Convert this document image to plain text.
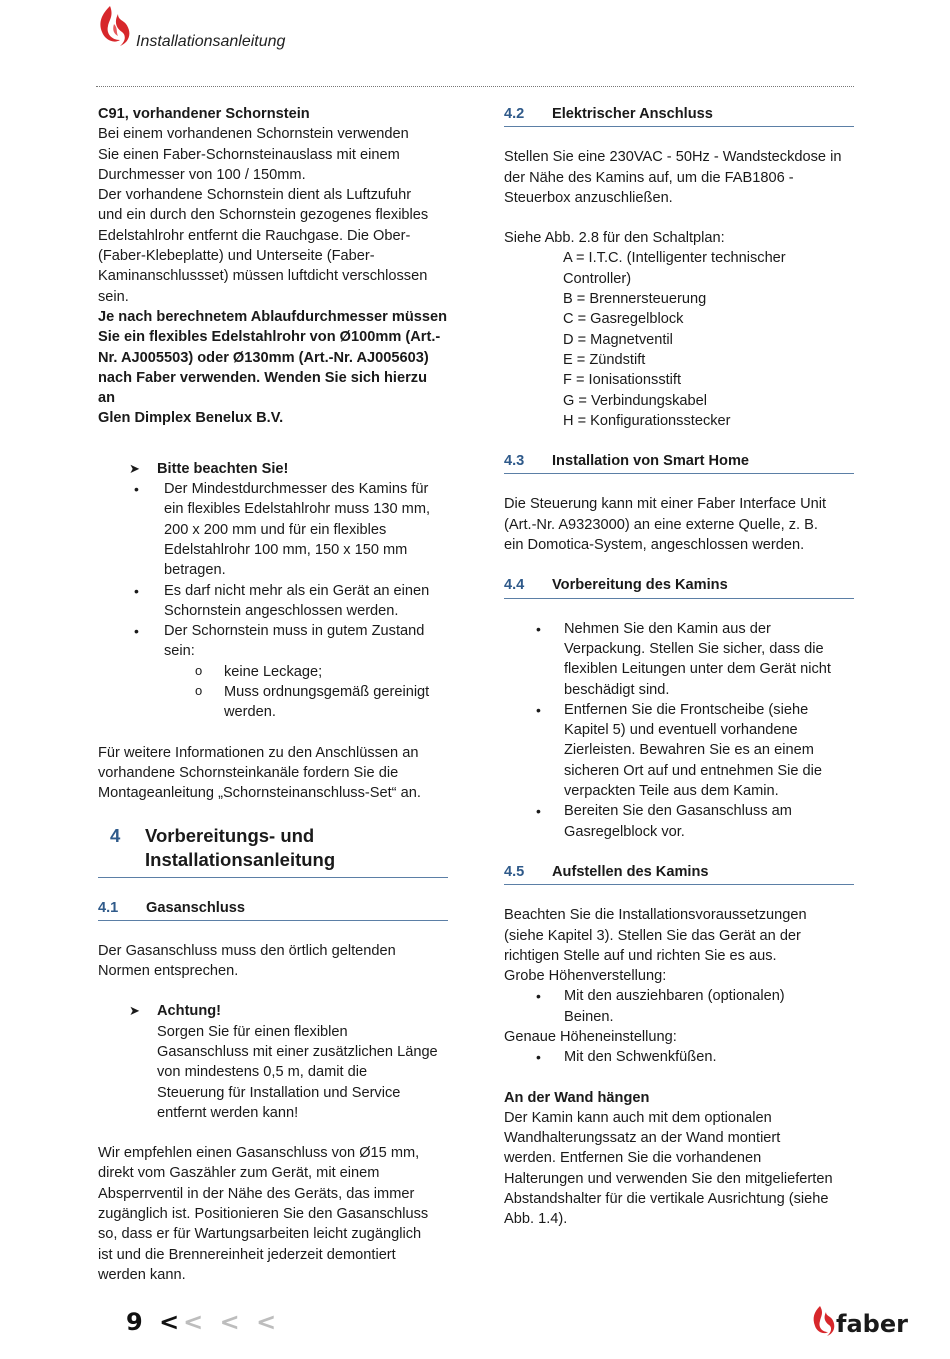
Installationsanleitung

C91, vorhandener Schornstein

Bei einem vorhandenen Schornstein verwenden

Sie einen Faber-Schornsteinauslass mit einem

Durchmesser von 100 / 150mm.

Der vorhandene Schornstein dient als Luftzufuhr

und ein durch den Schornstein gezogenes flexibles

Edelstahlrohr entfernt die Rauchgase. Die Ober-

(Faber-Klebeplatte) und Unterseite (Faber-

Kaminanschlussset) müssen luftdicht verschlossen

sein.

Je nach berechnetem Ablaufdurchmesser müssen

Sie ein flexibles Edelstahlrohr von Ø100mm (Art.-

Nr. AJ005503) oder Ø130mm (Art.-Nr. AJ005603)

nach Faber verwenden. Wenden Sie sich hierzu an

Glen Dimplex Benelux B.V.

➤ Bitte beachten Sie!

• Der Mindestdurchmesser des Kamins für

ein flexibles Edelstahlrohr muss 130 mm,

200 x 200 mm und für ein flexibles

Edelstahlrohr 100 mm, 150 x 150 mm

betragen.

• Es darf nicht mehr als ein Gerät an einen

Schornstein angeschlossen werden.

• Der Schornstein muss in gutem Zustand

sein:

o keine Leckage;

o Muss ordnungsgemäß gereinigt

werden.

Für weitere Informationen zu den Anschlüssen an

vorhandene Schornsteinkanäle fordern Sie die

Montageanleitung „Schornsteinanschluss-Set“ an.

4 Vorbereitungs- und
Installationsanleitung
4.1 Gasanschluss

Der Gasanschluss muss den örtlich geltenden

Normen entsprechen.

➤ Achtung!

Sorgen Sie für einen flexiblen

Gasanschluss mit einer zusätzlichen Länge

von mindestens 0,5 m, damit die

Steuerung für Installation und Service

entfernt werden kann!

Wir empfehlen einen Gasanschluss von Ø15 mm,

direkt vom Gaszähler zum Gerät, mit einem

Absperrventil in der Nähe des Geräts, das immer

zugänglich ist. Positionieren Sie den Gasanschluss

so, dass er für Wartungsarbeiten leicht zugänglich

ist und die Brennereinheit jederzeit demontiert

werden kann.

4.2 Elektrischer Anschluss

Stellen Sie eine 230VAC - 50Hz - Wandsteckdose in

der Nähe des Kamins auf, um die FAB1806 -

Steuerbox anzuschließen.

Siehe Abb. 2.8 für den Schaltplan:

A = I.T.C. (Intelligenter technischer

Controller)

B = Brennersteuerung

C = Gasregelblock

D = Magnetventil

E = Zündstift

F = Ionisationsstift

G = Verbindungskabel

H = Konfigurationsstecker

4.3 Installation von Smart Home

Die Steuerung kann mit einer Faber Interface Unit

(Art.-Nr. A9323000) an eine externe Quelle, z. B.

ein Domotica-System, angeschlossen werden.

4.4 Vorbereitung des Kamins

• Nehmen Sie den Kamin aus der

Verpackung. Stellen Sie sicher, dass die

flexiblen Leitungen unter dem Gerät nicht

beschädigt sind.

• Entfernen Sie die Frontscheibe (siehe

Kapitel 5) und eventuell vorhandene

Zierleisten. Bewahren Sie es an einem

sicheren Ort auf und entnehmen Sie die

verpackten Teile aus dem Kamin.

• Bereiten Sie den Gasanschluss am

Gasregelblock vor.

4.5 Aufstellen des Kamins

Beachten Sie die Installationsvoraussetzungen

(siehe Kapitel 3). Stellen Sie das Gerät an der

richtigen Stelle auf und richten Sie es aus.

Grobe Höhenverstellung:

• Mit den ausziehbaren (optionalen)

Beinen.

Genaue Höheneinstellung:

• Mit den Schwenkfüßen.

An der Wand hängen

Der Kamin kann auch mit dem optionalen

Wandhalterungssatz an der Wand montiert

werden. Entfernen Sie die vorhandenen

Halterungen und verwenden Sie den mitgelieferten

Abstandshalter für die vertikale Ausrichtung (siehe

Abb. 1.4).

9 << < <	faber
